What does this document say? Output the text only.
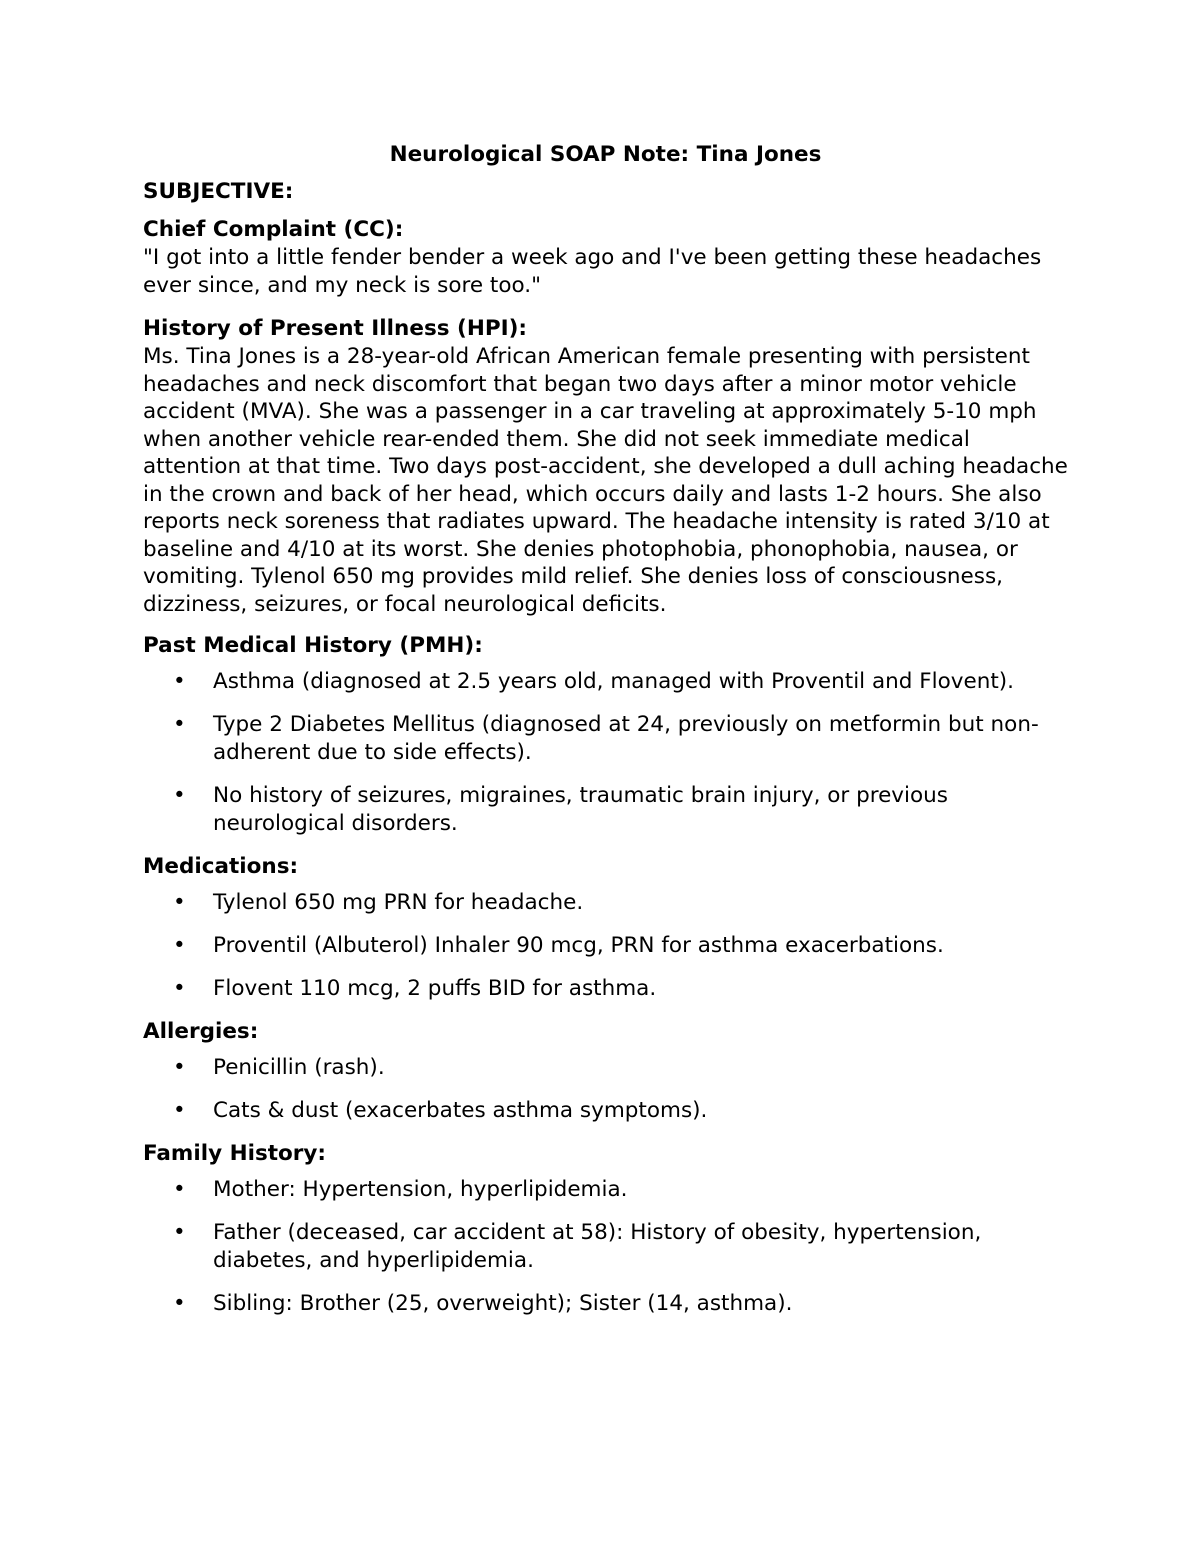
Neurological SOAP Note: Tina Jones
SUBJECTIVE:
Chief Complaint (CC):

"I got into a little fender bender a week ago and I've been getting these headaches ever since, and my neck is sore too."

History of Present Illness (HPI):

Ms. Tina Jones is a 28-year-old African American female presenting with persistent headaches and neck discomfort that began two days after a minor motor vehicle accident (MVA). She was a passenger in a car traveling at approximately 5-10 mph when another vehicle rear-ended them. She did not seek immediate medical attention at that time. Two days post-accident, she developed a dull aching headache in the crown and back of her head, which occurs daily and lasts 1-2 hours. She also reports neck soreness that radiates upward. The headache intensity is rated 3/10 at baseline and 4/10 at its worst. She denies photophobia, phonophobia, nausea, or vomiting. Tylenol 650 mg provides mild relief. She denies loss of consciousness, dizziness, seizures, or focal neurological deficits.

Past Medical History (PMH):
• Asthma (diagnosed at 2.5 years old, managed with Proventil and Flovent).
• Type 2 Diabetes Mellitus (diagnosed at 24, previously on metformin but non-adherent due to side effects).
• No history of seizures, migraines, traumatic brain injury, or previous neurological disorders.
Medications:
• Tylenol 650 mg PRN for headache.
• Proventil (Albuterol) Inhaler 90 mcg, PRN for asthma exacerbations.
• Flovent 110 mcg, 2 puffs BID for asthma.
Allergies:
• Penicillin (rash).
• Cats & dust (exacerbates asthma symptoms).
Family History:
• Mother: Hypertension, hyperlipidemia.
• Father (deceased, car accident at 58): History of obesity, hypertension, diabetes, and hyperlipidemia.
• Sibling: Brother (25, overweight); Sister (14, asthma).
